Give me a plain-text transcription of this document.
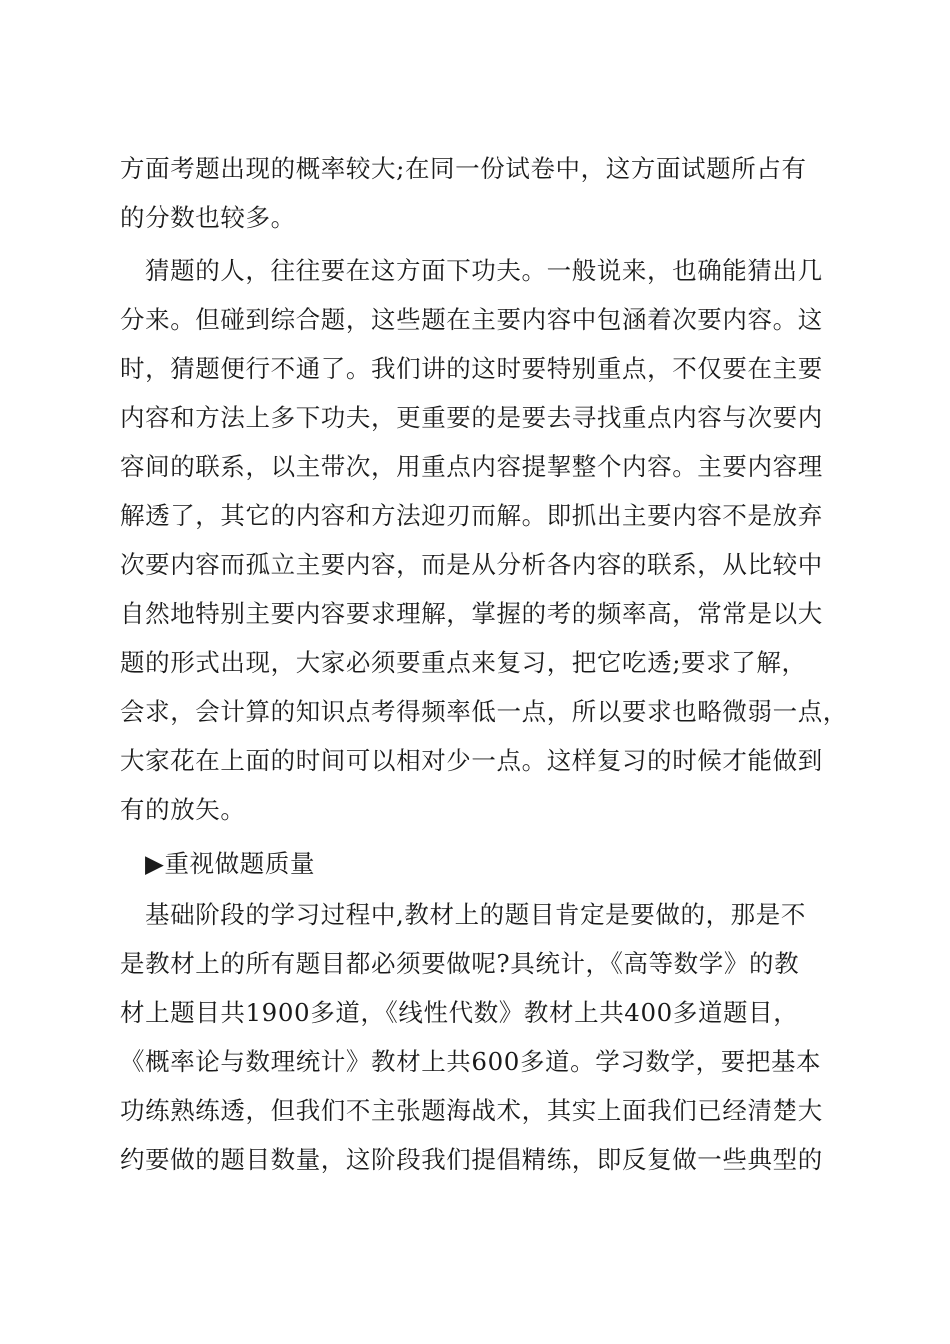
方面考题出现的概率较大;在同一份试卷中，这方面试题所占有
的分数也较多。
猜题的人，往往要在这方面下功夫。一般说来，也确能猜出几
分来。但碰到综合题，这些题在主要内容中包涵着次要内容。这
时，猜题便行不通了。我们讲的这时要特别重点，不仅要在主要
内容和方法上多下功夫，更重要的是要去寻找重点内容与次要内
容间的联系，以主带次，用重点内容提挈整个内容。主要内容理
解透了，其它的内容和方法迎刃而解。即抓出主要内容不是放弃
次要内容而孤立主要内容，而是从分析各内容的联系，从比较中
自然地特别主要内容要求理解，掌握的考的频率高，常常是以大
题的形式出现，大家必须要重点来复习，把它吃透;要求了解，
会求，会计算的知识点考得频率低一点，所以要求也略微弱一点，
大家花在上面的时间可以相对少一点。这样复习的时候才能做到
有的放矢。
▶重视做题质量
基础阶段的学习过程中,教材上的题目肯定是要做的，那是不
是教材上的所有题目都必须要做呢?具统计，《高等数学》的教
材上题目共1900多道，《线性代数》教材上共400多道题目，
《概率论与数理统计》教材上共600多道。学习数学，要把基本
功练熟练透，但我们不主张题海战术，其实上面我们已经清楚大
约要做的题目数量，这阶段我们提倡精练，即反复做一些典型的
